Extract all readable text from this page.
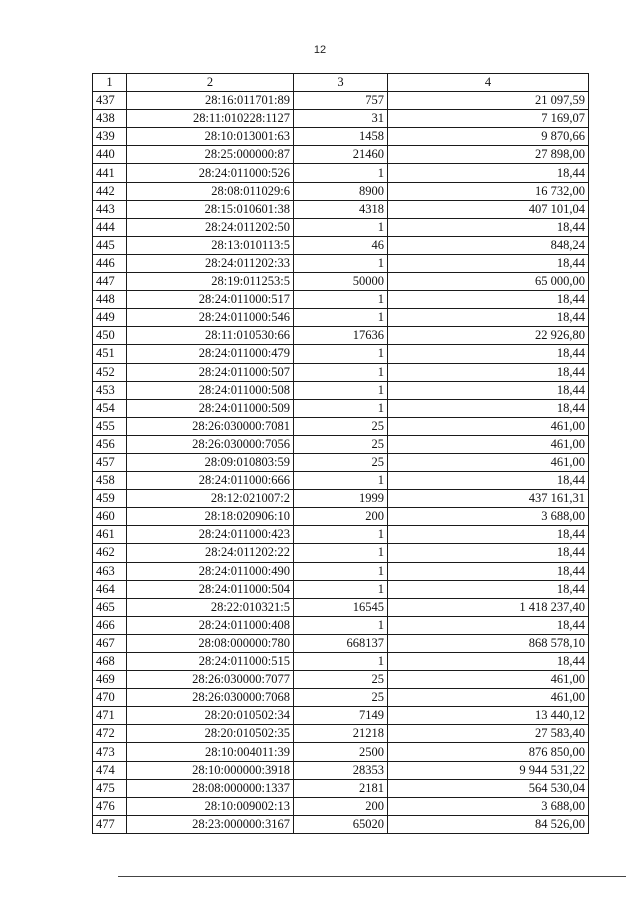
12
1	2	3	4
437	28:16:011701:89	757	21 097,59
438	28:11:010228:1127	31	7 169,07
439	28:10:013001:63	1458	9 870,66
440	28:25:000000:87	21460	27 898,00
441	28:24:011000:526	1	18,44
442	28:08:011029:6	8900	16 732,00
443	28:15:010601:38	4318	407 101,04
444	28:24:011202:50	1	18,44
445	28:13:010113:5	46	848,24
446	28:24:011202:33	1	18,44
447	28:19:011253:5	50000	65 000,00
448	28:24:011000:517	1	18,44
449	28:24:011000:546	1	18,44
450	28:11:010530:66	17636	22 926,80
451	28:24:011000:479	1	18,44
452	28:24:011000:507	1	18,44
453	28:24:011000:508	1	18,44
454	28:24:011000:509	1	18,44
455	28:26:030000:7081	25	461,00
456	28:26:030000:7056	25	461,00
457	28:09:010803:59	25	461,00
458	28:24:011000:666	1	18,44
459	28:12:021007:2	1999	437 161,31
460	28:18:020906:10	200	3 688,00
461	28:24:011000:423	1	18,44
462	28:24:011202:22	1	18,44
463	28:24:011000:490	1	18,44
464	28:24:011000:504	1	18,44
465	28:22:010321:5	16545	1 418 237,40
466	28:24:011000:408	1	18,44
467	28:08:000000:780	668137	868 578,10
468	28:24:011000:515	1	18,44
469	28:26:030000:7077	25	461,00
470	28:26:030000:7068	25	461,00
471	28:20:010502:34	7149	13 440,12
472	28:20:010502:35	21218	27 583,40
473	28:10:004011:39	2500	876 850,00
474	28:10:000000:3918	28353	9 944 531,22
475	28:08:000000:1337	2181	564 530,04
476	28:10:009002:13	200	3 688,00
477	28:23:000000:3167	65020	84 526,00
